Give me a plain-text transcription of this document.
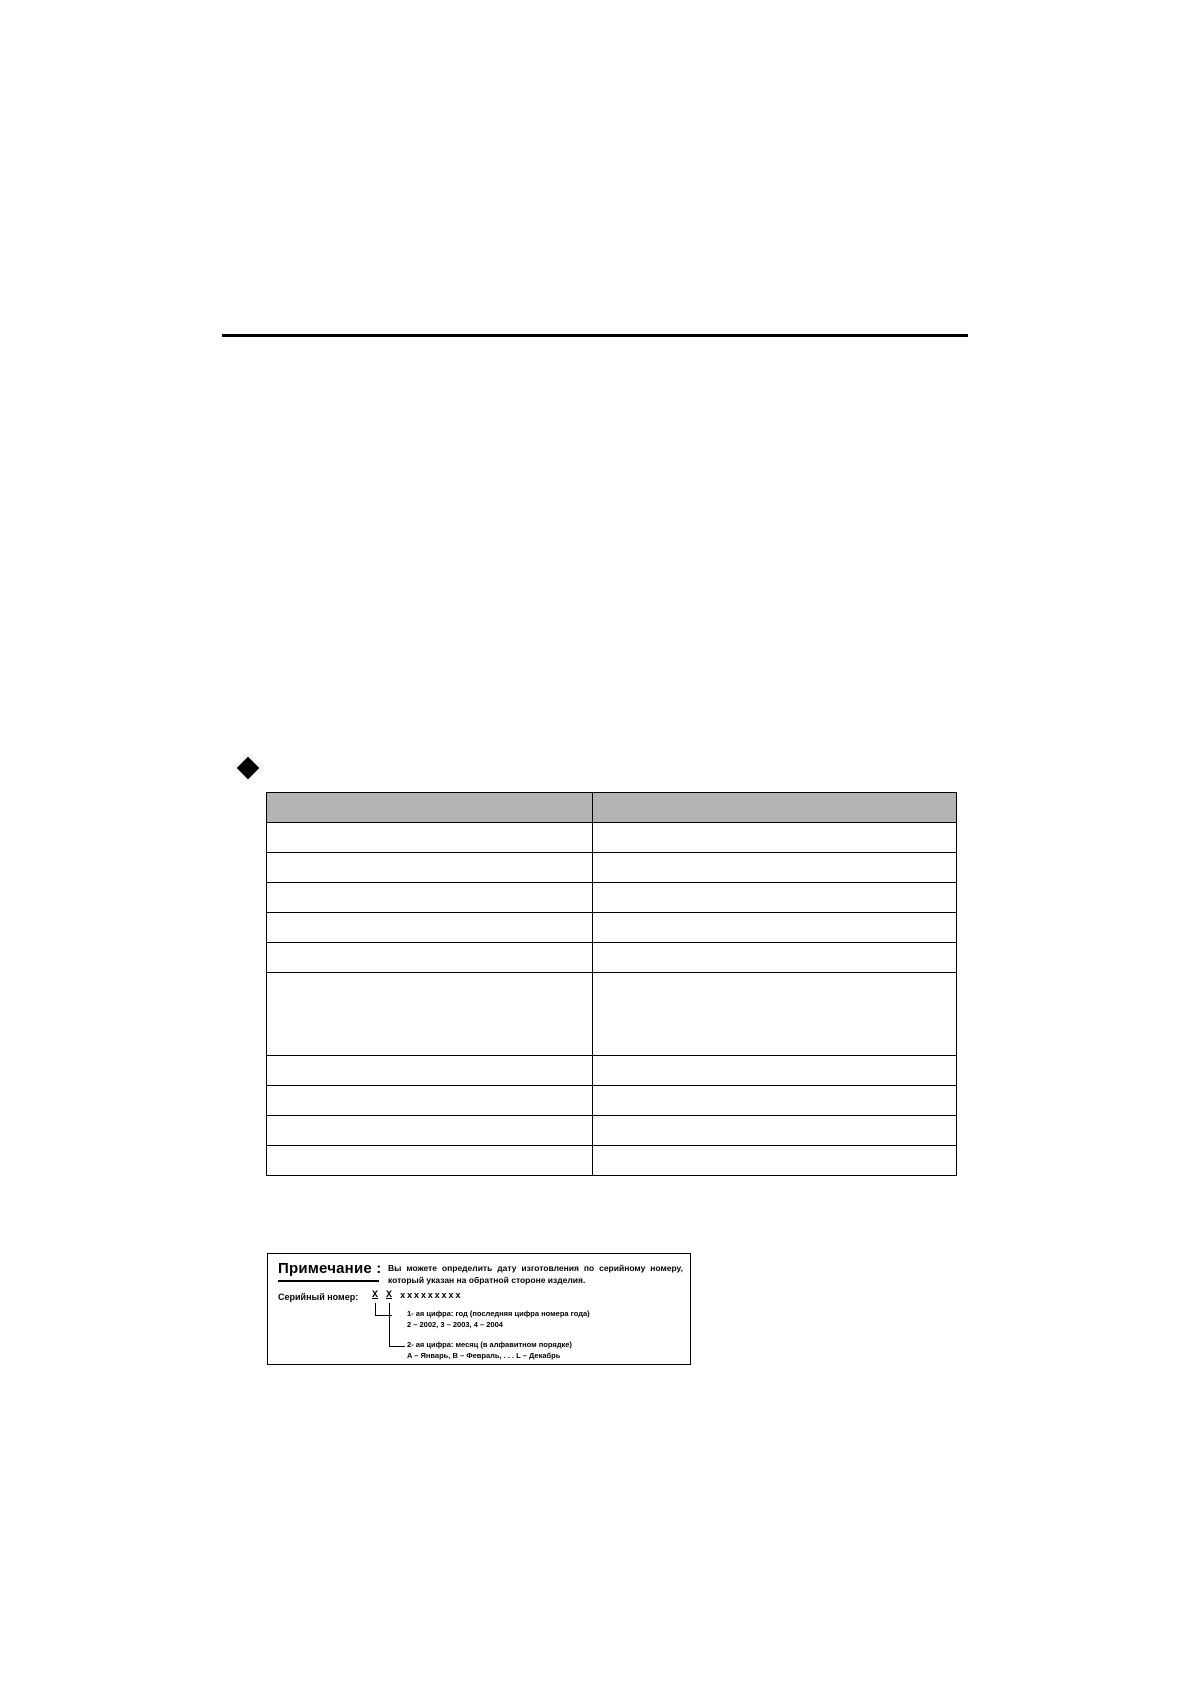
Примечание : Вы можете определить дату изготовления по серийному номеру, который указан на обратной стороне изделия.
Серийный номер: X X xxxxxxxxx
1- ая цифра: год (последняя цифра номера года)
2 – 2002, 3 – 2003, 4 – 2004
2- ая цифра: месяц (в алфавитном порядке)
A – Январь, B – Февраль, . . . L – Декабрь
